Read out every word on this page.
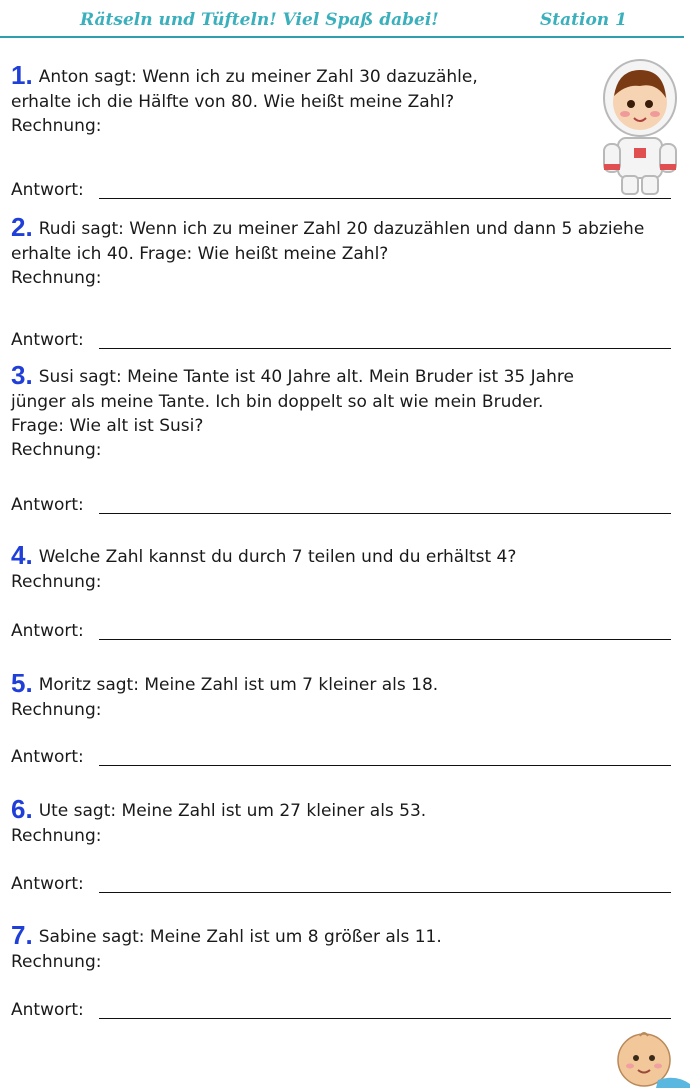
Rätseln und Tüfteln! Viel Spaß dabei!	Station 1
1. Anton sagt: Wenn ich zu meiner Zahl 30 dazuzähle,
erhalte ich die Hälfte von 80. Wie heißt meine Zahl?
Rechnung:
Antwort:
2. Rudi sagt: Wenn ich zu meiner Zahl 20 dazuzählen und dann 5 abziehe
erhalte ich 40. Frage: Wie heißt meine Zahl?
Rechnung:
Antwort:
3. Susi sagt: Meine Tante ist 40 Jahre alt. Mein Bruder ist 35 Jahre
jünger als meine Tante. Ich bin doppelt so alt wie mein Bruder.
Frage: Wie alt ist Susi?
Rechnung:
Antwort:
4. Welche Zahl kannst du durch 7 teilen und du erhältst 4?
Rechnung:
Antwort:
5. Moritz sagt: Meine Zahl ist um 7 kleiner als 18.
Rechnung:
Antwort:
6. Ute sagt: Meine Zahl ist um 27 kleiner als 53.
Rechnung:
Antwort:
7. Sabine sagt: Meine Zahl ist um 8 größer als 11.
Rechnung:
Antwort:
